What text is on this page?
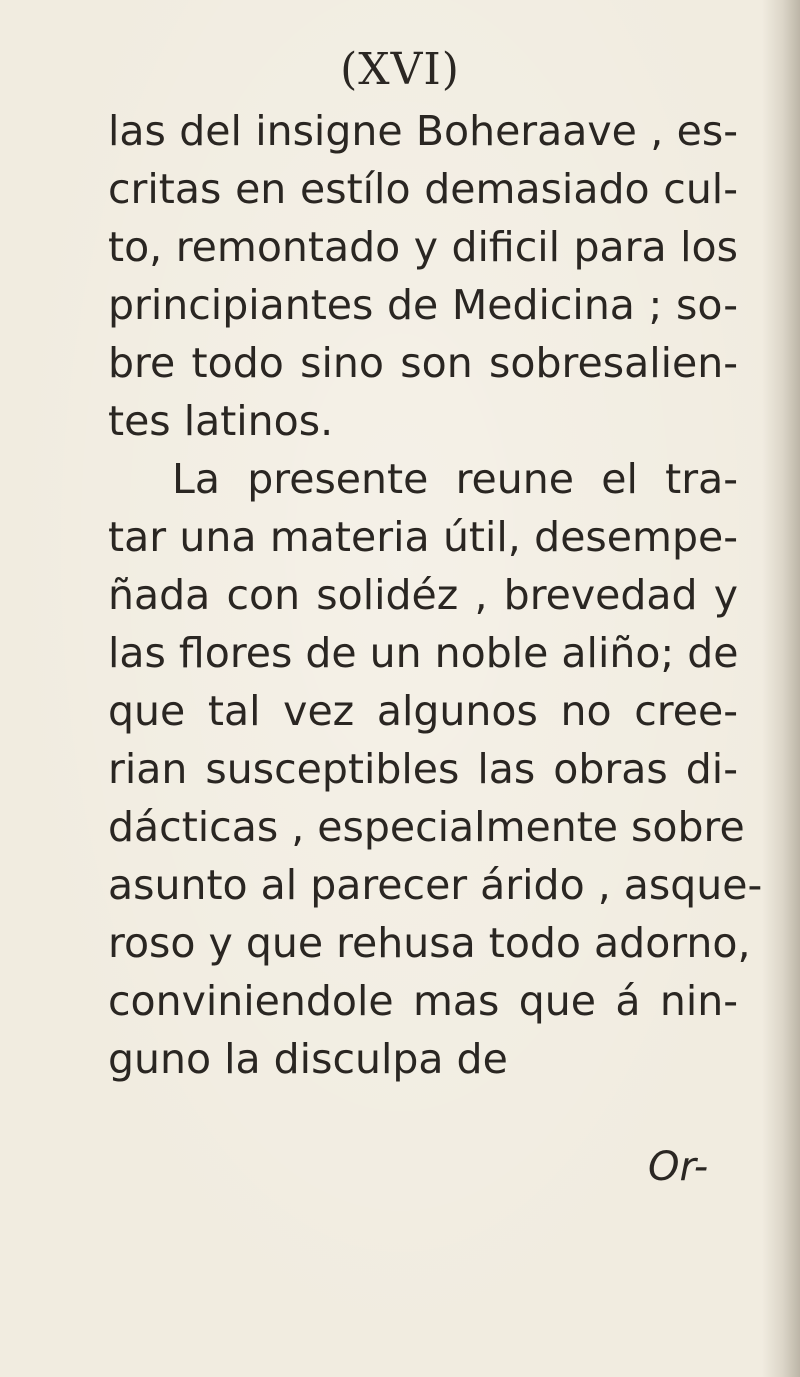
(XVI)
las del insigne Boheraave , es-
critas en estílo demasiado cul-
to, remontado y dificil para los
principiantes de Medicina ; so-
bre todo sino son sobresalien-
tes latinos.
La presente reune el tra-
tar una materia útil, desempe-
ñada con solidéz , brevedad y
las flores de un noble aliño; de
que tal vez algunos no cree-
rian susceptibles las obras di-
dácticas , especialmente sobre
asunto al parecer árido , asque-
roso y que rehusa todo adorno,
conviniendole mas que á nin-
guno la disculpa de
Or-
